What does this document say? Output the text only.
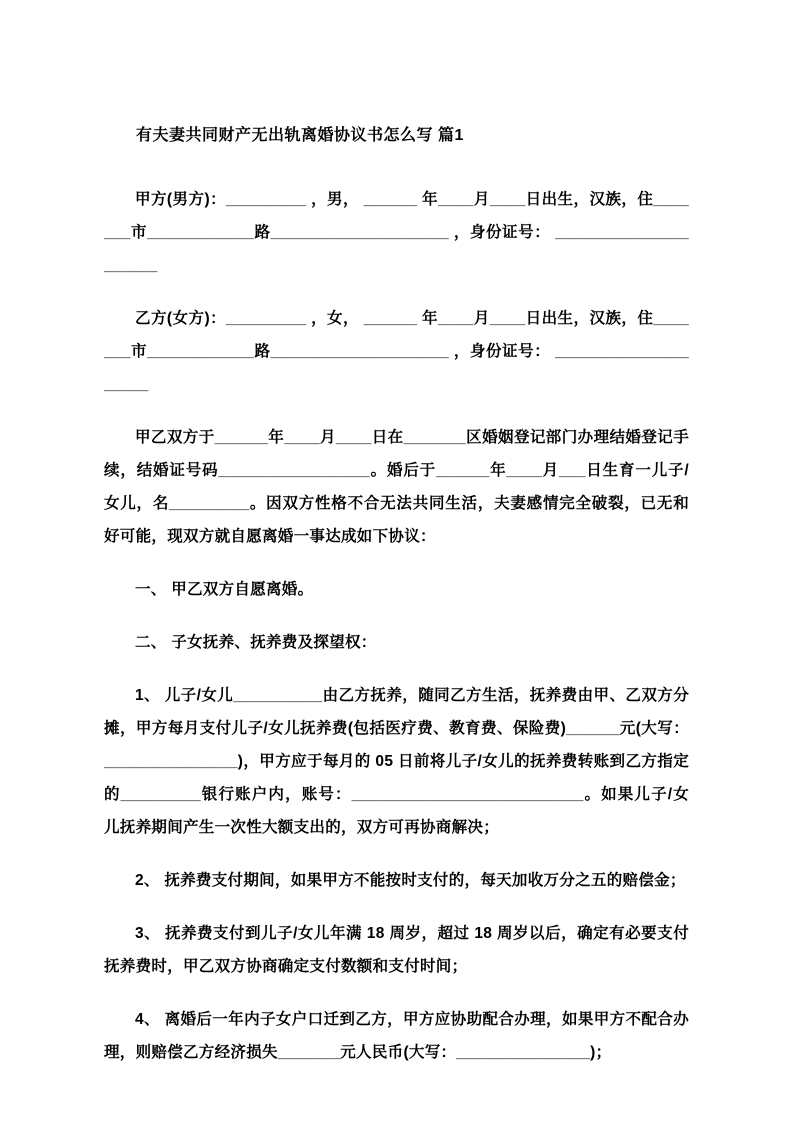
有夫妻共同财产无出轨离婚协议书怎么写 篇1

甲方(男方)：_________ ，男， ______ 年____月____日出生，汉族，住_______市____________路____________________ ，身份证号： _____________________

乙方(女方)：_________ ，女， ______ 年____月____日出生，汉族，住_______市____________路____________________ ，身份证号： ____________________

甲乙双方于______年____月____日在_______区婚姻登记部门办理结婚登记手续，结婚证号码_________________。婚后于______年____月___日生育一儿子/女儿，名_________。因双方性格不合无法共同生活，夫妻感情完全破裂，已无和好可能，现双方就自愿离婚一事达成如下协议：

一、 甲乙双方自愿离婚。

二、 子女抚养、抚养费及探望权：

1、 儿子/女儿__________由乙方抚养，随同乙方生活，抚养费由甲、乙双方分摊，甲方每月支付儿子/女儿抚养费(包括医疗费、教育费、保险费)______元(大写：_______________)，甲方应于每月的 05 日前将儿子/女儿的抚养费转账到乙方指定的_________银行账户内，账号：__________________________。如果儿子/女儿抚养期间产生一次性大额支出的，双方可再协商解决；

2、 抚养费支付期间，如果甲方不能按时支付的，每天加收万分之五的赔偿金；

3、 抚养费支付到儿子/女儿年满 18 周岁，超过 18 周岁以后，确定有必要支付抚养费时，甲乙双方协商确定支付数额和支付时间；

4、 离婚后一年内子女户口迁到乙方，甲方应协助配合办理，如果甲方不配合办理，则赔偿乙方经济损失_______元人民币(大写：_______________)；
